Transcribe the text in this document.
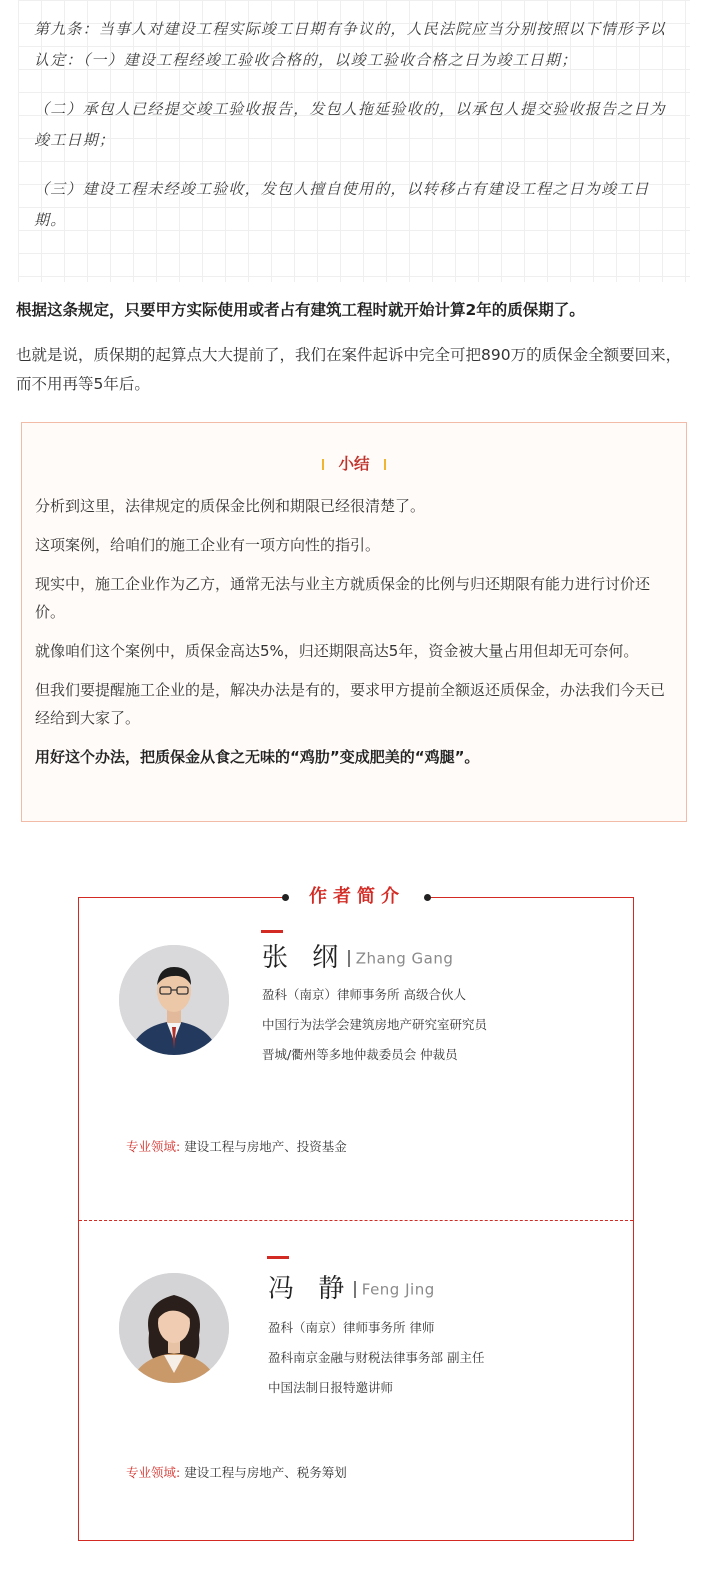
第九条：当事人对建设工程实际竣工日期有争议的，人民法院应当分别按照以下情形予以认定：（一）建设工程经竣工验收合格的，以竣工验收合格之日为竣工日期；

（二）承包人已经提交竣工验收报告，发包人拖延验收的，以承包人提交验收报告之日为竣工日期；

（三）建设工程未经竣工验收，发包人擅自使用的，以转移占有建设工程之日为竣工日期。

根据这条规定，只要甲方实际使用或者占有建筑工程时就开始计算2年的质保期了。

也就是说，质保期的起算点大大提前了，我们在案件起诉中完全可把890万的质保金全额要回来，而不用再等5年后。

小结

分析到这里，法律规定的质保金比例和期限已经很清楚了。

这项案例，给咱们的施工企业有一项方向性的指引。

现实中，施工企业作为乙方，通常无法与业主方就质保金的比例与归还期限有能力进行讨价还价。

就像咱们这个案例中，质保金高达5%，归还期限高达5年，资金被大量占用但却无可奈何。

但我们要提醒施工企业的是，解决办法是有的，要求甲方提前全额返还质保金，办法我们今天已经给到大家了。

用好这个办法，把质保金从食之无味的“鸡肋”变成肥美的“鸡腿”。

作者简介
张 纲 Zhang Gang
盈科（南京）律师事务所 高级合伙人
中国行为法学会建筑房地产研究室研究员
晋城/衢州等多地仲裁委员会 仲裁员
专业领域: 建设工程与房地产、投资基金
冯 静 Feng Jing
盈科（南京）律师事务所 律师
盈科南京金融与财税法律事务部 副主任
中国法制日报特邀讲师
专业领域: 建设工程与房地产、税务筹划
